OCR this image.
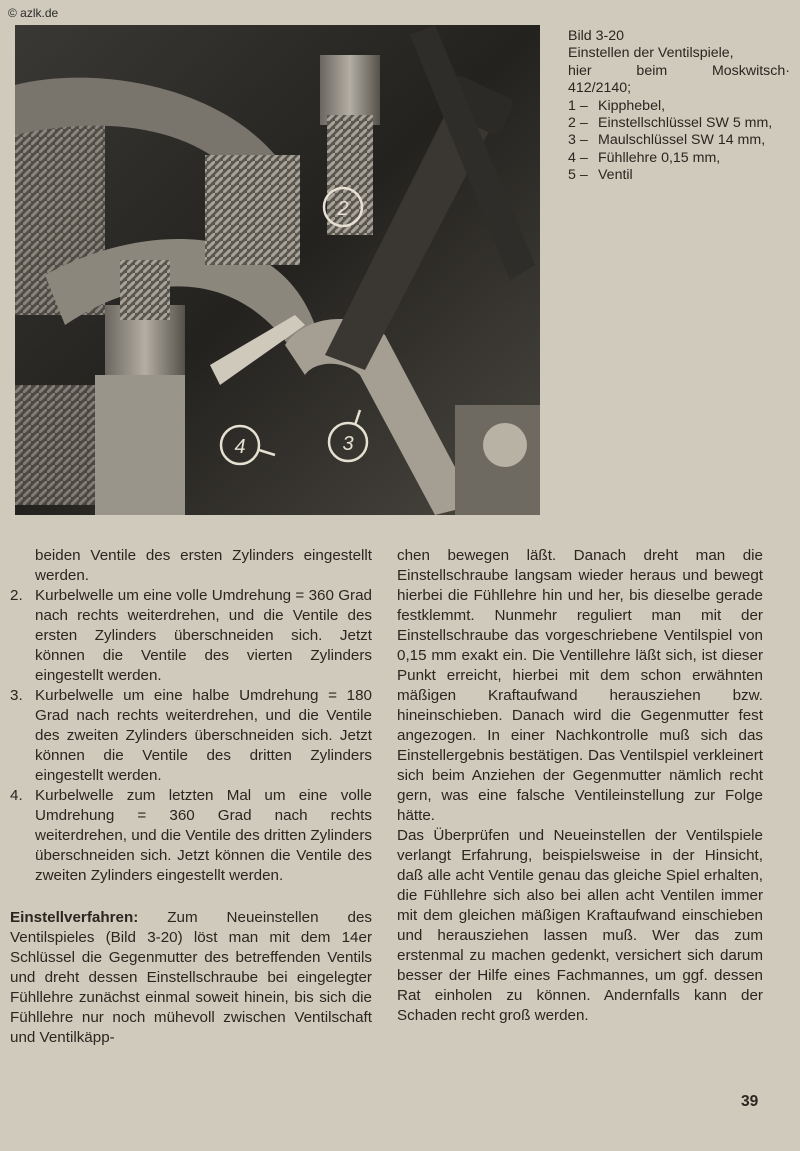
© azlk.de
2
3
4
Bild 3-20
Einstellen der Ventilspiele,
hier beim Moskwitsch·
412/2140;
1 – Kipphebel,
2 – Einstellschlüssel SW 5 mm,
3 – Maulschlüssel SW 14 mm,
4 – Fühllehre 0,15 mm,
5 – Ventil

beiden Ventile des ersten Zylinders eingestellt werden.

2. Kurbelwelle um eine volle Umdrehung = 360 Grad nach rechts weiterdrehen, und die Ventile des ersten Zylinders überschneiden sich. Jetzt können die Ventile des vierten Zylinders eingestellt werden.
3. Kurbelwelle um eine halbe Umdrehung = 180 Grad nach rechts weiterdrehen, und die Ventile des zweiten Zylinders überschneiden sich. Jetzt können die Ventile des dritten Zylinders eingestellt werden.
4. Kurbelwelle zum letzten Mal um eine volle Umdrehung = 360 Grad nach rechts weiterdrehen, und die Ventile des dritten Zylinders überschneiden sich. Jetzt können die Ventile des zweiten Zylinders eingestellt werden.

Einstellverfahren: Zum Neueinstellen des Ventilspieles (Bild 3-20) löst man mit dem 14er Schlüssel die Gegenmutter des betreffenden Ventils und dreht dessen Einstellschraube bei eingelegter Fühllehre zunächst einmal soweit hinein, bis sich die Fühllehre nur noch mühevoll zwischen Ventilschaft und Ventilkäpp-

chen bewegen läßt. Danach dreht man die Einstellschraube langsam wieder heraus und bewegt hierbei die Fühllehre hin und her, bis dieselbe gerade festklemmt. Nunmehr reguliert man mit der Einstellschraube das vorgeschriebene Ventilspiel von 0,15 mm exakt ein. Die Ventillehre läßt sich, ist dieser Punkt erreicht, hierbei mit dem schon erwähnten mäßigen Kraftaufwand herausziehen bzw. hineinschieben. Danach wird die Gegenmutter fest angezogen. In einer Nachkontrolle muß sich das Einstellergebnis bestätigen. Das Ventilspiel verkleinert sich beim Anziehen der Gegenmutter nämlich recht gern, was eine falsche Ventileinstellung zur Folge hätte.

Das Überprüfen und Neueinstellen der Ventilspiele verlangt Erfahrung, beispielsweise in der Hinsicht, daß alle acht Ventile genau das gleiche Spiel erhalten, die Fühllehre sich also bei allen acht Ventilen immer mit dem gleichen mäßigen Kraftaufwand einschieben und herausziehen lassen muß. Wer das zum erstenmal zu machen gedenkt, versichert sich darum besser der Hilfe eines Fachmannes, um ggf. dessen Rat einholen zu können. Andernfalls kann der Schaden recht groß werden.

39
